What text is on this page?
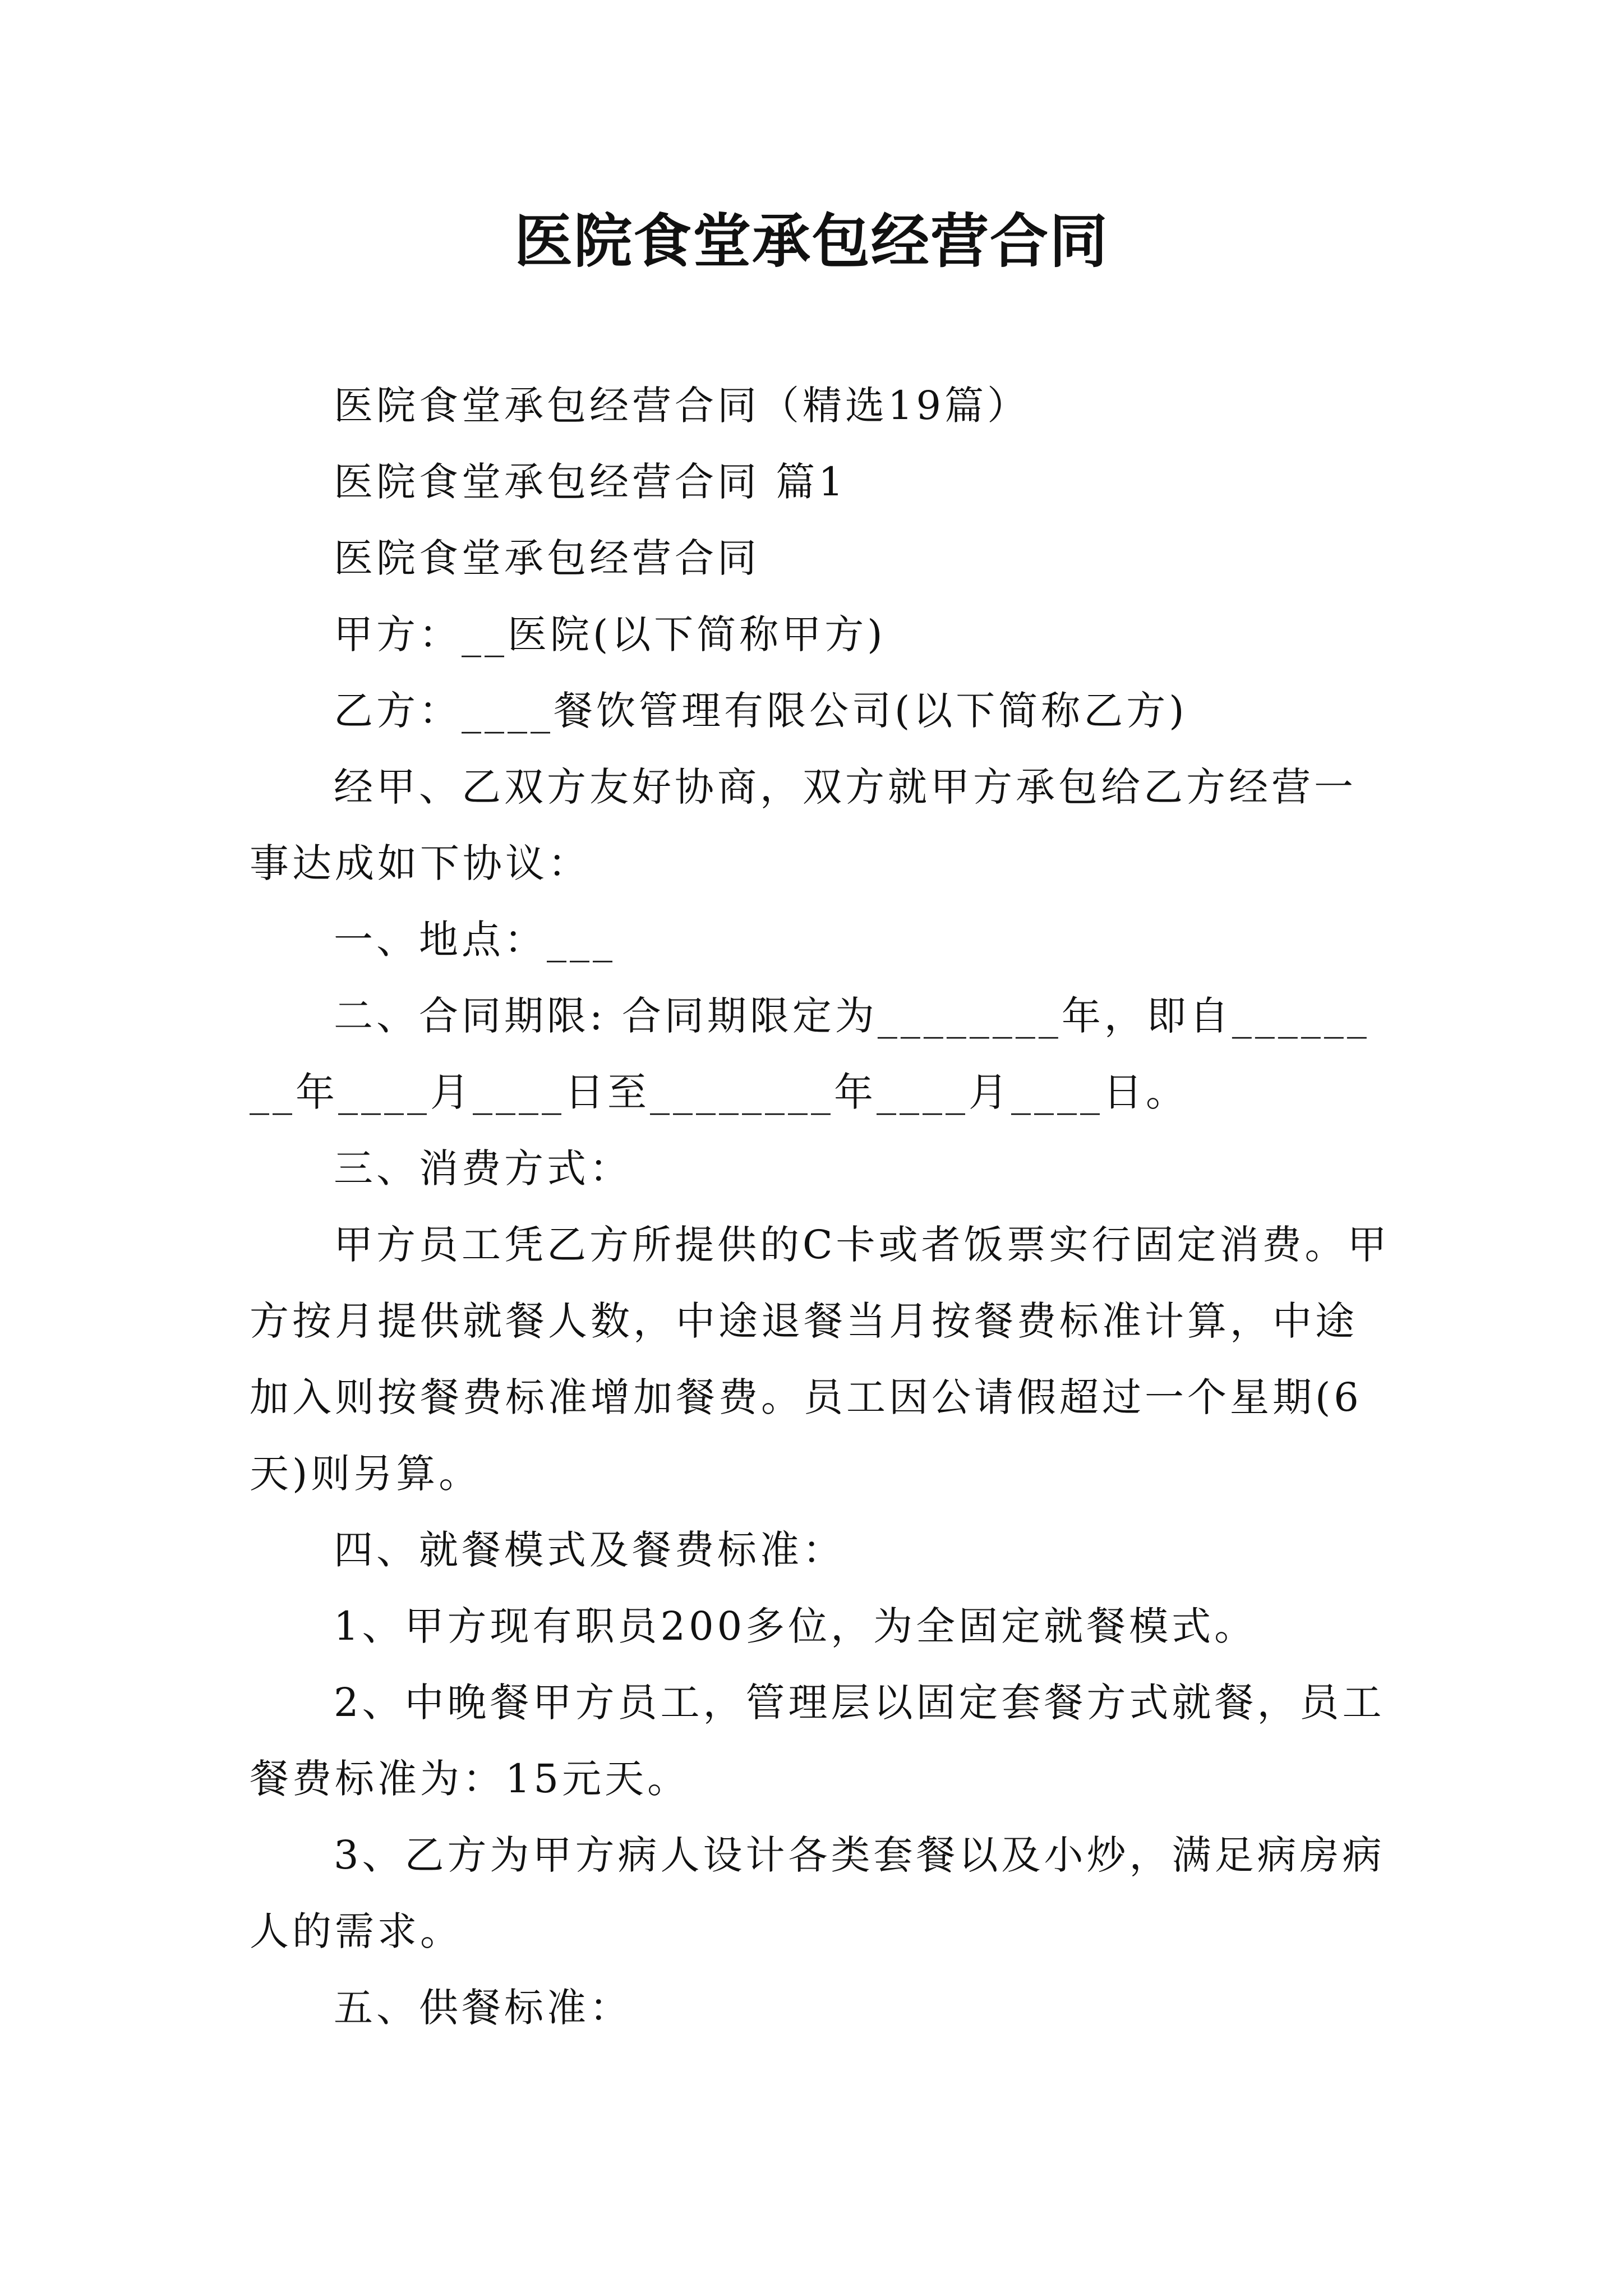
医院食堂承包经营合同

医院食堂承包经营合同（精选19篇）

医院食堂承包经营合同 篇1

医院食堂承包经营合同

甲方：__医院(以下简称甲方)

乙方：____餐饮管理有限公司(以下简称乙方)

经甲、乙双方友好协商，双方就甲方承包给乙方经营一事达成如下协议：

一、地点：___

二、合同期限: 合同期限定为________年，即自________年____月____日至________年____月____日。

三、消费方式：

甲方员工凭乙方所提供的C卡或者饭票实行固定消费。甲方按月提供就餐人数，中途退餐当月按餐费标准计算，中途加入则按餐费标准增加餐费。员工因公请假超过一个星期(6天)则另算。

四、就餐模式及餐费标准：

1、甲方现有职员200多位，为全固定就餐模式。

2、中晚餐甲方员工，管理层以固定套餐方式就餐，员工餐费标准为：15元天。

3、乙方为甲方病人设计各类套餐以及小炒，满足病房病人的需求。

五、供餐标准：
